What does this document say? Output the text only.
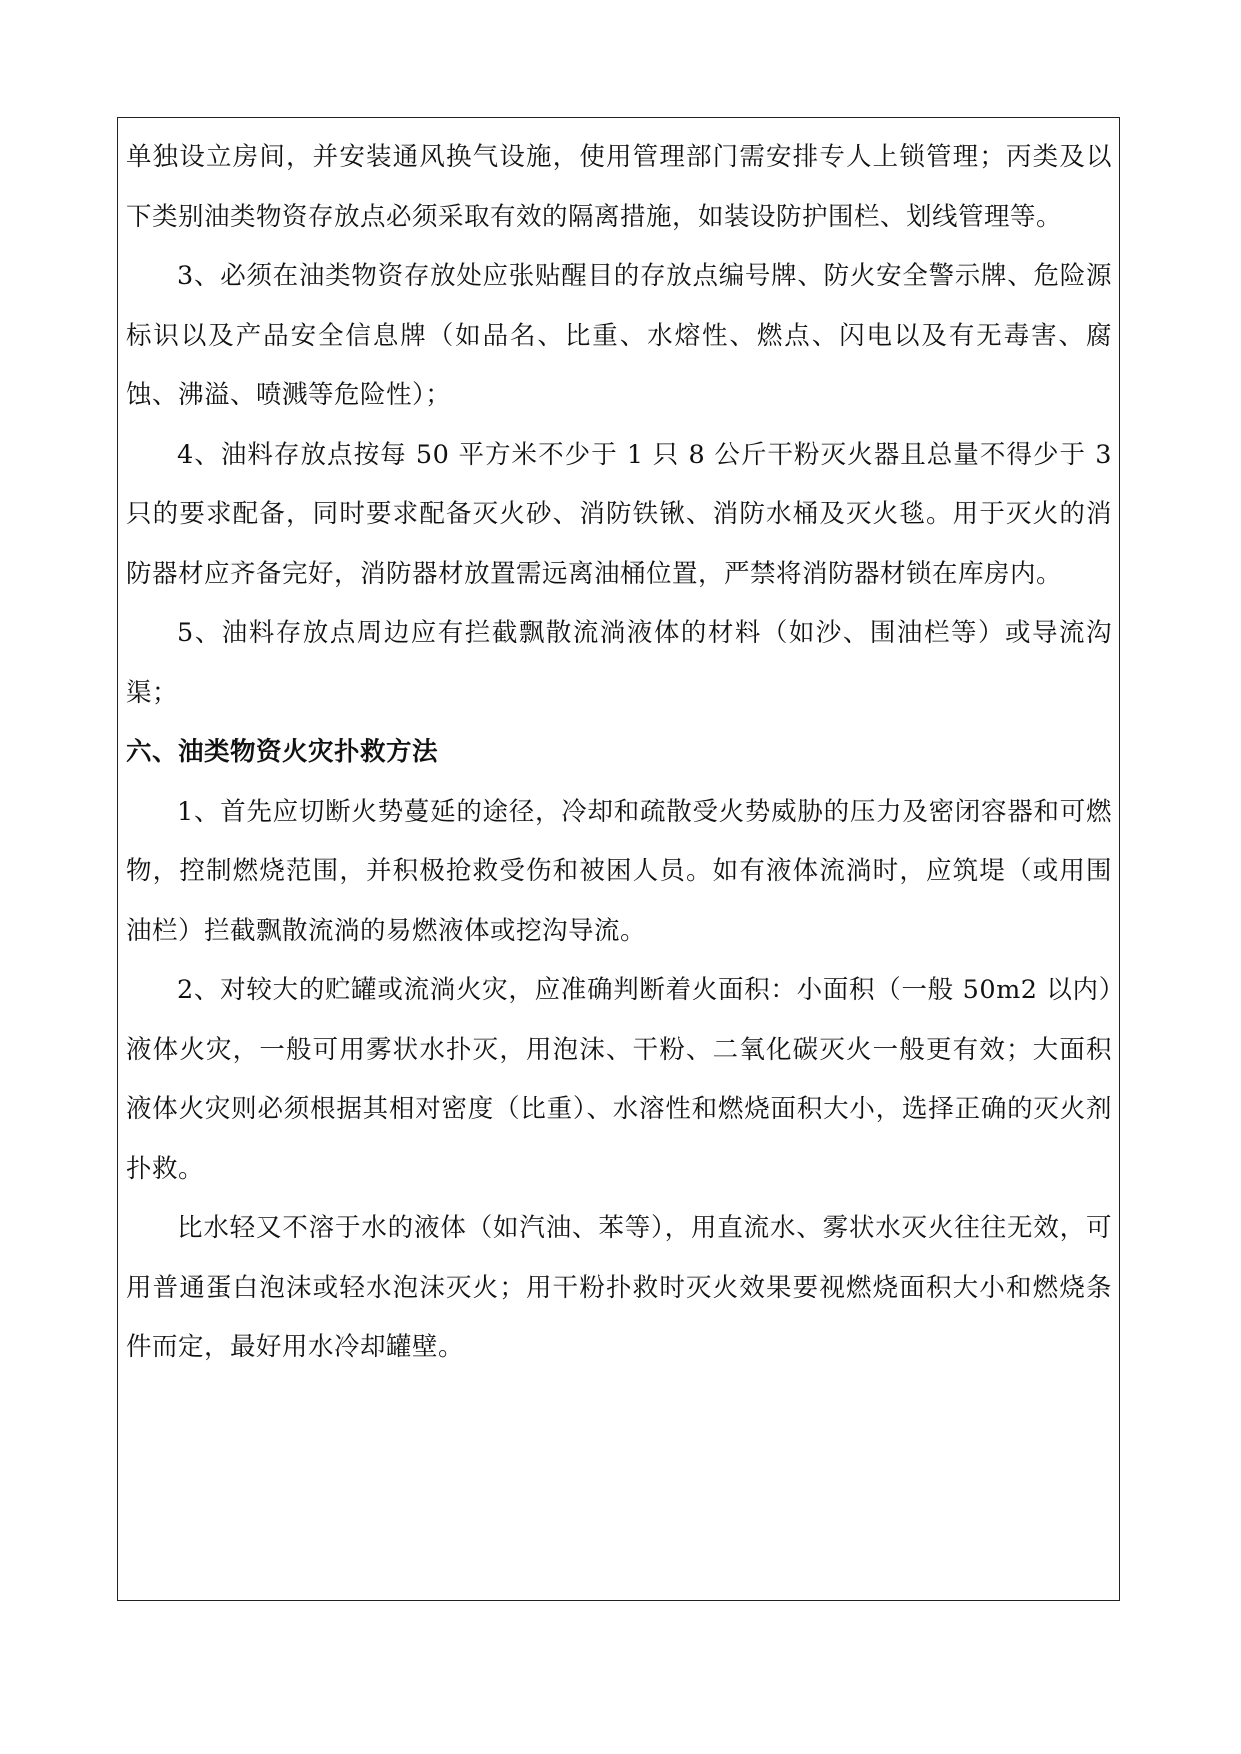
单独设立房间，并安装通风换气设施，使用管理部门需安排专人上锁管理；丙类及以下类别油类物资存放点必须采取有效的隔离措施，如装设防护围栏、划线管理等。

3、必须在油类物资存放处应张贴醒目的存放点编号牌、防火安全警示牌、危险源标识以及产品安全信息牌（如品名、比重、水熔性、燃点、闪电以及有无毒害、腐蚀、沸溢、喷溅等危险性）；

4、油料存放点按每 50 平方米不少于 1 只 8 公斤干粉灭火器且总量不得少于 3 只的要求配备，同时要求配备灭火砂、消防铁锹、消防水桶及灭火毯。用于灭火的消防器材应齐备完好，消防器材放置需远离油桶位置，严禁将消防器材锁在库房内。

5、油料存放点周边应有拦截飘散流淌液体的材料（如沙、围油栏等）或导流沟渠；

六、油类物资火灾扑救方法

1、首先应切断火势蔓延的途径，冷却和疏散受火势威胁的压力及密闭容器和可燃物，控制燃烧范围，并积极抢救受伤和被困人员。如有液体流淌时，应筑堤（或用围油栏）拦截飘散流淌的易燃液体或挖沟导流。

2、对较大的贮罐或流淌火灾，应准确判断着火面积：小面积（一般 50m2 以内）液体火灾，一般可用雾状水扑灭，用泡沫、干粉、二氧化碳灭火一般更有效；大面积液体火灾则必须根据其相对密度（比重）、水溶性和燃烧面积大小，选择正确的灭火剂扑救。

比水轻又不溶于水的液体（如汽油、苯等），用直流水、雾状水灭火往往无效，可用普通蛋白泡沫或轻水泡沫灭火；用干粉扑救时灭火效果要视燃烧面积大小和燃烧条件而定，最好用水冷却罐壁。
